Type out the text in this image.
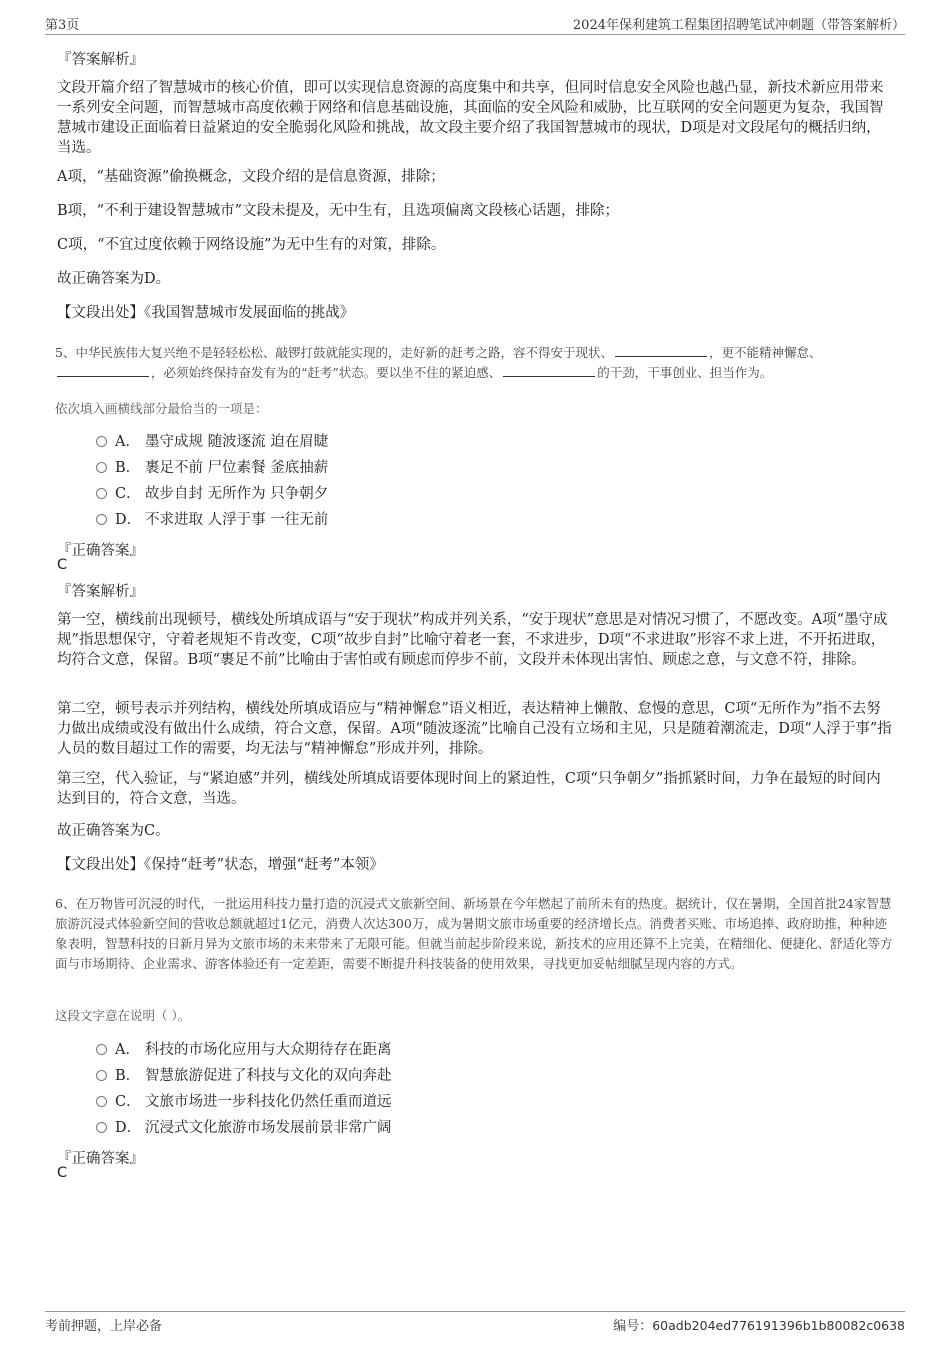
第3页	2024年保利建筑工程集团招聘笔试冲刺题（带答案解析）
『答案解析』

文段开篇介绍了智慧城市的核心价值，即可以实现信息资源的高度集中和共享，但同时信息安全风险也越凸显，新技术新应用带来一系列安全问题，而智慧城市高度依赖于网络和信息基础设施，其面临的安全风险和威胁，比互联网的安全问题更为复杂，我国智慧城市建设正面临着日益紧迫的安全脆弱化风险和挑战，故文段主要介绍了我国智慧城市的现状，D项是对文段尾句的概括归纳，当选。

A项，“基础资源”偷换概念，文段介绍的是信息资源，排除；

B项，“不利于建设智慧城市”文段未提及，无中生有，且选项偏离文段核心话题，排除；

C项，“不宜过度依赖于网络设施”为无中生有的对策，排除。

故正确答案为D。

【文段出处】《我国智慧城市发展面临的挑战》

5、中华民族伟大复兴绝不是轻轻松松、敲锣打鼓就能实现的，走好新的赶考之路，容不得安于现状、	，更不能精神懈怠、，必须始终保持奋发有为的“赶考”状态。要以坐不住的紧迫感、	的干劲，干事创业、担当作为。

依次填入画横线部分最恰当的一项是：
A． 墨守成规 随波逐流 迫在眉睫
B． 裹足不前 尸位素餐 釜底抽薪
C． 故步自封 无所作为 只争朝夕
D． 不求进取 人浮于事 一往无前
『正确答案』
C
『答案解析』

第一空，横线前出现顿号，横线处所填成语与“安于现状”构成并列关系，“安于现状”意思是对情况习惯了，不愿改变。A项“墨守成规”指思想保守，守着老规矩不肯改变，C项“故步自封”比喻守着老一套，不求进步，D项“不求进取”形容不求上进，不开拓进取，均符合文意，保留。B项“裹足不前”比喻由于害怕或有顾虑而停步不前，文段并未体现出害怕、顾虑之意，与文意不符，排除。

第二空，顿号表示并列结构，横线处所填成语应与“精神懈怠”语义相近，表达精神上懒散、怠慢的意思，C项“无所作为”指不去努力做出成绩或没有做出什么成绩，符合文意，保留。A项“随波逐流”比喻自己没有立场和主见，只是随着潮流走，D项“人浮于事”指人员的数目超过工作的需要，均无法与“精神懈怠”形成并列，排除。

第三空，代入验证，与“紧迫感”并列，横线处所填成语要体现时间上的紧迫性，C项“只争朝夕”指抓紧时间，力争在最短的时间内达到目的，符合文意，当选。

故正确答案为C。

【文段出处】《保持“赶考”状态，增强“赶考”本领》

6、在万物皆可沉浸的时代，一批运用科技力量打造的沉浸式文旅新空间、新场景在今年燃起了前所未有的热度。据统计，仅在暑期，全国首批24家智慧旅游沉浸式体验新空间的营收总额就超过1亿元，消费人次达300万，成为暑期文旅市场重要的经济增长点。消费者买账、市场追捧、政府助推，种种迹象表明，智慧科技的日新月异为文旅市场的未来带来了无限可能。但就当前起步阶段来说，新技术的应用还算不上完美，在精细化、便捷化、舒适化等方面与市场期待、企业需求、游客体验还有一定差距，需要不断提升科技装备的使用效果，寻找更加妥帖细腻呈现内容的方式。

这段文字意在说明（ ）。
A． 科技的市场化应用与大众期待存在距离
B． 智慧旅游促进了科技与文化的双向奔赴
C． 文旅市场进一步科技化仍然任重而道远
D． 沉浸式文化旅游市场发展前景非常广阔
『正确答案』
C
考前押题，上岸必备	编号：60adb204ed776191396b1b80082c0638
